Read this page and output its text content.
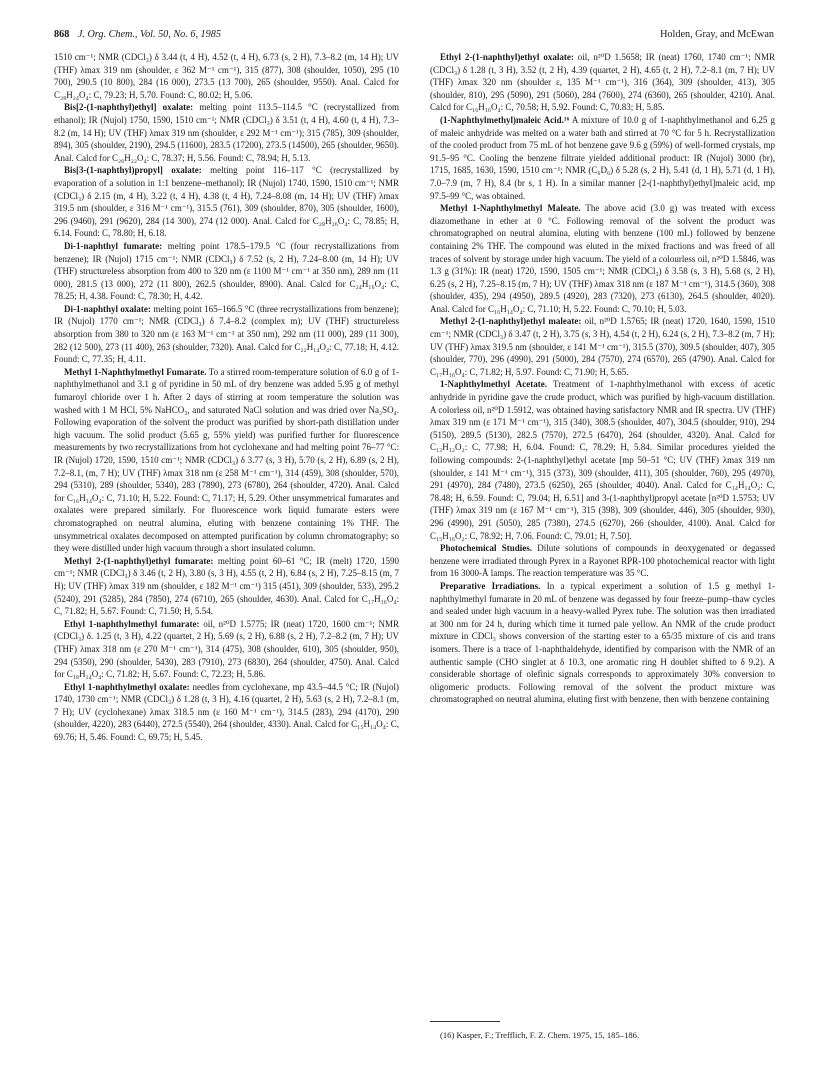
868 J. Org. Chem., Vol. 50, No. 6, 1985	Holden, Gray, and McEwan

1510 cm⁻¹; NMR (CDCl₃) δ 3.44 (t, 4 H), 4.52 (t, 4 H), 6.73 (s, 2 H), 7.3–8.2 (m, 14 H); UV (THF) λmax 319 nm (shoulder, ε 362 M⁻¹ cm⁻¹), 315 (877), 308 (shoulder, 1050), 295 (10 700), 290.5 (10 800), 284 (16 000), 273.5 (13 700), 265 (shoulder, 9550). Anal. Calcd for C₂₈H₂₄O₄: C, 79.23; H, 5.70. Found: C, 80.02; H, 5.06.

Bis[2-(1-naphthyl)ethyl] oxalate: melting point 113.5–114.5 °C (recrystallized from ethanol); IR (Nujol) 1750, 1590, 1510 cm⁻¹; NMR (CDCl₃) δ 3.51 (t, 4 H), 4.60 (t, 4 H), 7.3–8.2 (m, 14 H); UV (THF) λmax 319 nm (shoulder, ε 292 M⁻¹ cm⁻¹); 315 (785), 309 (shoulder, 894), 305 (shoulder, 2190), 294.5 (11600), 283.5 (17200), 273.5 (14500), 265 (shoulder, 9650). Anal. Calcd for C₂₆H₂₂O₄: C, 78.37; H, 5.56. Found: C, 78.94; H, 5.13.

Bis[3-(1-naphthyl)propyl] oxalate: melting point 116–117 °C (recrystallized by evaporation of a solution in 1:1 benzene–methanol); IR (Nujol) 1740, 1590, 1510 cm⁻¹; NMR (CDCl₃) δ 2.15 (m, 4 H), 3.22 (t, 4 H), 4.38 (t, 4 H), 7.24–8.08 (m, 14 H); UV (THF) λmax 319.5 nm (shoulder, ε 316 M⁻¹ cm⁻¹), 315.5 (761), 309 (shoulder, 870), 305 (shoulder, 1600), 296 (9460), 291 (9620), 284 (14 300), 274 (12 000). Anal. Calcd for C₂₈H₂₆O₄: C, 78.85; H, 6.14. Found: C, 78.80; H, 6.18.

Di-1-naphthyl fumarate: melting point 178.5–179.5 °C (four recrystallizations from benzene); IR (Nujol) 1715 cm⁻¹; NMR (CDCl₃) δ 7.52 (s, 2 H), 7.24–8.00 (m, 14 H); UV (THF) structureless absorption from 400 to 320 nm (ε 1100 M⁻¹ cm⁻¹ at 350 nm), 289 nm (11 000), 281.5 (13 000), 272 (11 800), 262.5 (shoulder, 8900). Anal. Calcd for C₂₄H₁₆O₄: C, 78.25; H, 4.38. Found: C, 78.30; H, 4.42.

Di-1-naphthyl oxalate: melting point 165–166.5 °C (three recrystallizations from benzene); IR (Nujol) 1770 cm⁻¹; NMR (CDCl₃) δ 7.4–8.2 (complex m); UV (THF) structureless absorption from 380 to 320 nm (ε 163 M⁻¹ cm⁻¹ at 350 nm), 292 nm (11 000), 289 (11 300), 282 (12 500), 273 (11 400), 263 (shoulder, 7320). Anal. Calcd for C₂₂H₁₄O₄: C, 77.18; H, 4.12. Found: C, 77.35; H, 4.11.

Methyl 1-Naphthylmethyl Fumarate. To a stirred room-temperature solution of 6.0 g of 1-naphthylmethanol and 3.1 g of pyridine in 50 mL of dry benzene was added 5.95 g of methyl fumaroyl chloride over 1 h. After 2 days of stirring at room temperature the solution was washed with 1 M HCl, 5% NaHCO₃, and saturated NaCl solution and was dried over Na₂SO₄. Following evaporation of the solvent the product was purified by short-path distillation under high vacuum. The solid product (5.65 g, 55% yield) was purified further for fluorescence measurements by two recrystallizations from hot cyclohexane and had melting point 76–77 °C: IR (Nujol) 1720, 1590, 1510 cm⁻¹; NMR (CDCl₃) δ 3.77 (s, 3 H), 5.70 (s, 2 H), 6.89 (s, 2 H), 7.2–8.1, (m, 7 H); UV (THF) λmax 318 nm (ε 258 M⁻¹ cm⁻¹), 314 (459), 308 (shoulder, 570), 294 (5310), 289 (shoulder, 5340), 283 (7890), 273 (6780), 264 (shoulder, 4720). Anal. Calcd for C₁₆H₁₄O₄: C, 71.10; H, 5.22. Found: C, 71.17; H, 5.29. Other unsymmetrical fumarates and oxalates were prepared similarly. For fluorescence work liquid fumarate esters were chromatographed on neutral alumina, eluting with benzene containing 1% THF. The unsymmetrical oxalates decomposed on attempted purification by column chromatography; so they were distilled under high vacuum through a short insulated column.

Methyl 2-(1-naphthyl)ethyl fumarate: melting point 60–61 °C; IR (melt) 1720, 1590 cm⁻¹; NMR (CDCl₃) δ 3.46 (t, 2 H), 3.80 (s, 3 H), 4.55 (t, 2 H), 6.84 (s, 2 H), 7.25–8.15 (m, 7 H); UV (THF) λmax 319 nm (shoulder, ε 182 M⁻¹ cm⁻¹) 315 (451), 309 (shoulder, 533), 295.2 (5240), 291 (5285), 284 (7850), 274 (6710), 265 (shoulder, 4630). Anal. Calcd for C₁₇H₁₆O₄: C, 71.82; H, 5.67. Found: C, 71.50; H, 5.54.

Ethyl 1-naphthylmethyl fumarate: oil, n²⁰D 1.5775; IR (neat) 1720, 1600 cm⁻¹; NMR (CDCl₃) δ. 1.25 (t, 3 H), 4.22 (quartet, 2 H), 5.69 (s, 2 H), 6.88 (s, 2 H), 7.2–8.2 (m, 7 H); UV (THF) λmax 318 nm (ε 270 M⁻¹ cm⁻¹), 314 (475), 308 (shoulder, 610), 305 (shoulder, 950), 294 (5350), 290 (shoulder, 5430), 283 (7910), 273 (6830), 264 (shoulder, 4750). Anal. Calcd for C₁₈H₁₄O₄: C, 71.82; H, 5.67. Found: C, 72.23; H, 5.86.

Ethyl 1-naphthylmethyl oxalate: needles from cyclohexane, mp 43.5–44.5 °C; IR (Nujol) 1740, 1730 cm⁻¹; NMR (CDCl₃) δ 1.28 (t, 3 H), 4.16 (quartet, 2 H), 5.63 (s, 2 H), 7.2–8.1 (m, 7 H); UV (cyclohexane) λmax 318.5 nm (ε 160 M⁻¹ cm⁻¹), 314.5 (283), 294 (4170), 290 (shoulder, 4220), 283 (6440), 272.5 (5540), 264 (shoulder, 4330). Anal. Calcd for C₁₅H₁₄O₄: C, 69.76; H, 5.46. Found: C, 69.75; H, 5.45.

Ethyl 2-(1-naphthyl)ethyl oxalate: oil, n²⁰D 1.5658; IR (neat) 1760, 1740 cm⁻¹; NMR (CDCl₃) δ 1.28 (t, 3 H), 3.52 (t, 2 H), 4.39 (quartet, 2 H), 4.65 (t, 2 H), 7.2–8.1 (m, 7 H); UV (THF) λmax 320 nm (shoulder ε, 135 M⁻¹ cm⁻¹), 316 (364), 309 (shoulder, 413), 305 (shoulder, 810), 295 (5090), 291 (5060), 284 (7600), 274 (6360), 265 (shoulder, 4210). Anal. Calcd for C₁₆H₁₆O₄: C, 70.58; H, 5.92. Found: C, 70.83; H, 5.85.

(1-Naphthylmethyl)maleic Acid.¹⁶ A mixture of 10.0 g of 1-naphthylmethanol and 6.25 g of maleic anhydride was melted on a water bath and stirred at 70 °C for 5 h. Recrystallization of the cooled product from 75 mL of hot benzene gave 9.6 g (59%) of well-formed crystals, mp 91.5–95 °C. Cooling the benzene filtrate yielded additional product: IR (Nujol) 3000 (br), 1715, 1685, 1630, 1590, 1510 cm⁻¹; NMR (C₆D₆) δ 5.28 (s, 2 H), 5.41 (d, 1 H), 5.71 (d, 1 H), 7.0–7.9 (m, 7 H), 8.4 (br s, 1 H). In a similar manner [2-(1-naphthyl)ethyl]maleic acid, mp 97.5–99 °C, was obtained.

Methyl 1-Naphthylmethyl Maleate. The above acid (3.0 g) was treated with excess diazomethane in ether at 0 °C. Following removal of the solvent the product was chromatographed on neutral alumina, eluting with benzene (100 mL) followed by benzene containing 2% THF. The compound was eluted in the mixed fractions and was freed of all traces of solvent by storage under high vacuum. The yield of a colourless oil, n²⁰D 1.5846, was 1.3 g (31%): IR (neat) 1720, 1590, 1505 cm⁻¹; NMR (CDCl₃) δ 3.58 (s, 3 H), 5.68 (s, 2 H), 6.25 (s, 2 H), 7.25–8.15 (m, 7 H); UV (THF) λmax 318 nm (ε 187 M⁻¹ cm⁻¹), 314.5 (360), 308 (shoulder, 435), 294 (4950), 289.5 (4920), 283 (7320), 273 (6130), 264.5 (shoulder, 4020). Anal. Calcd for C₁₆H₁₄O₄: C, 71.10; H, 5.22. Found: C, 70.10; H, 5.03.

Methyl 2-(1-naphthyl)ethyl maleate: oil, n²⁰D 1.5765; IR (neat) 1720, 1640, 1590, 1510 cm⁻¹; NMR (CDCl₃) δ 3.47 (t, 2 H), 3.75 (s, 3 H), 4.54 (t, 2 H), 6.24 (s, 2 H), 7.3–8.2 (m, 7 H); UV (THF) λmax 319.5 nm (shoulder, ε 141 M⁻¹ cm⁻¹), 315.5 (370), 309.5 (shoulder, 407), 305 (shoulder, 770), 296 (4990), 291 (5000), 284 (7570), 274 (6570), 265 (4790). Anal. Calcd for C₁₇H₁₆O₄: C, 71.82; H, 5.97. Found: C, 71.90; H, 5.65.

1-Naphthylmethyl Acetate. Treatment of 1-naphthylmethanol with excess of acetic anhydride in pyridine gave the crude product, which was purified by high-vacuum distillation. A colorless oil, n²⁰D 1.5912, was obtained having satisfactory NMR and IR spectra. UV (THF) λmax 319 nm (ε 171 M⁻¹ cm⁻¹), 315 (340), 308.5 (shoulder, 407), 304.5 (shoulder, 910), 294 (5150), 289.5 (5130), 282.5 (7570), 272.5 (6470), 264 (shoulder, 4320). Anal. Calcd for C₁₃H₁₂O₂: C, 77.98; H, 6.04. Found: C, 78.29; H, 5.84. Similar procedures yielded the following compounds: 2-(1-naphthyl)ethyl acetate [mp 50–51 °C; UV (THF) λmax 319 nm (shoulder, ε 141 M⁻¹ cm⁻¹), 315 (373), 309 (shoulder, 411), 305 (shoulder, 760), 295 (4970), 291 (4970), 284 (7480), 273.5 (6250), 265 (shoulder, 4040). Anal. Calcd for C₁₄H₁₄O₂: C, 78.48; H, 6.59. Found: C, 79.04; H, 6.51] and 3-(1-naphthyl)propyl acetate [n²⁰D 1.5753; UV (THF) λmax 319 nm (ε 167 M⁻¹ cm⁻¹), 315 (398), 309 (shoulder, 446), 305 (shoulder, 930), 296 (4990), 291 (5050), 285 (7380), 274.5 (6270), 266 (shoulder, 4100). Anal. Calcd for C₁₅H₁₆O₂: C, 78.92; H, 7.06. Found: C, 79.01; H, 7.50].

Photochemical Studies. Dilute solutions of compounds in deoxygenated or degassed benzene were irradiated through Pyrex in a Rayonet RPR-100 photochemical reactor with light from 16 3000-Å lamps. The reaction temperature was 35 °C.

Preparative Irradiations. In a typical experiment a solution of 1.5 g methyl 1-naphthylmethyl fumarate in 20 mL of benzene was degassed by four freeze–pump–thaw cycles and sealed under high vacuum in a heavy-walled Pyrex tube. The solution was then irradiated at 300 nm for 24 h, during which time it turned pale yellow. An NMR of the crude product mixture in CDCl₃ shows conversion of the starting ester to a 65/35 mixture of cis and trans isomers. There is a trace of 1-naphthaldehyde, identified by comparison with the NMR of an authentic sample (CHO singlet at δ 10.3, one aromatic ring H doublet shifted to δ 9.2). A considerable shortage of olefinic signals corresponds to approximately 30% conversion to oligomeric products. Following removal of the solvent the product mixture was chromatographed on neutral alumina, eluting first with benzene, then with benzene containing

(16) Kasper, F.; Trefflich, F. Z. Chem. 1975, 15, 185–186.
